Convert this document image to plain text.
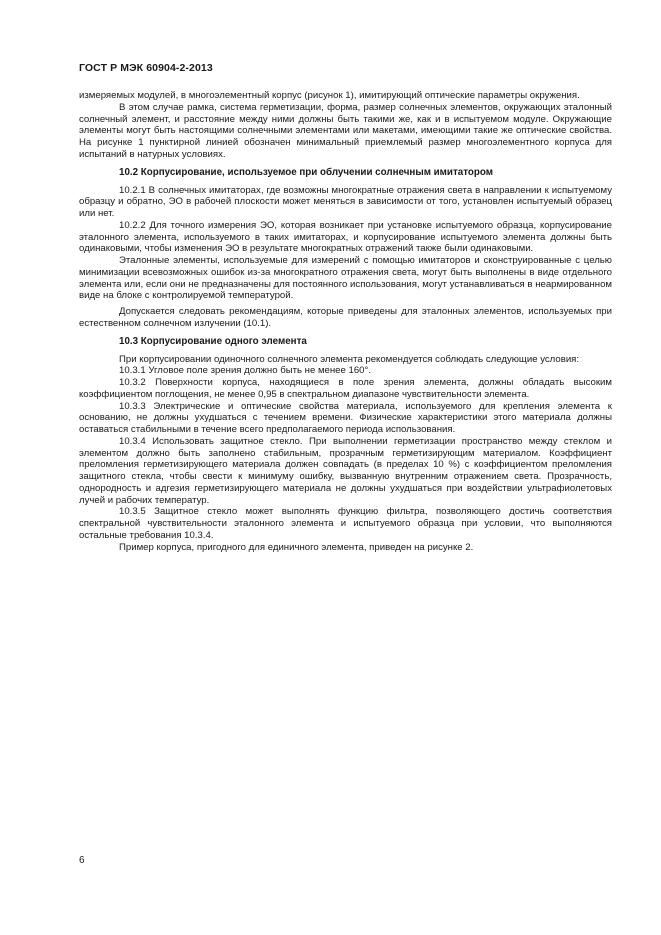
ГОСТ Р МЭК 60904-2-2013

измеряемых модулей, в многоэлементный корпус (рисунок 1), имитирующий оптические параметры окружения.

В этом случае рамка, система герметизации, форма, размер солнечных элементов, окружающих эталонный солнечный элемент, и расстояние между ними должны быть такими же, как и в испытуемом модуле. Окружающие элементы могут быть настоящими солнечными элементами или макетами, имеющими такие же оптические свойства. На рисунке 1 пунктирной линией обозначен минимальный приемлемый размер многоэлементного корпуса для испытаний в натурных условиях.

10.2 Корпусирование, используемое при облучении солнечным имитатором

10.2.1 В солнечных имитаторах, где возможны многократные отражения света в направлении к испытуемому образцу и обратно, ЭО в рабочей плоскости может меняться в зависимости от того, установлен испытуемый образец или нет.

10.2.2 Для точного измерения ЭО, которая возникает при установке испытуемого образца, корпусирование эталонного элемента, используемого в таких имитаторах, и корпусирование испытуемого элемента должны быть одинаковыми, чтобы изменения ЭО в результате многократных отражений также были одинаковыми.

Эталонные элементы, используемые для измерений с помощью имитаторов и сконструированные с целью минимизации всевозможных ошибок из-за многократного отражения света, могут быть выполнены в виде отдельного элемента или, если они не предназначены для постоянного использования, могут устанавливаться в неармированном виде на блоке с контролируемой температурой.

Допускается следовать рекомендациям, которые приведены для эталонных элементов, используемых при естественном солнечном излучении (10.1).

10.3 Корпусирование одного элемента

При корпусировании одиночного солнечного элемента рекомендуется соблюдать следующие условия:

10.3.1 Угловое поле зрения должно быть не менее 160°.

10.3.2 Поверхности корпуса, находящиеся в поле зрения элемента, должны обладать высоким коэффициентом поглощения, не менее 0,95 в спектральном диапазоне чувствительности элемента.

10.3.3 Электрические и оптические свойства материала, используемого для крепления элемента к основанию, не должны ухудшаться с течением времени. Физические характеристики этого материала должны оставаться стабильными в течение всего предполагаемого периода использования.

10.3.4 Использовать защитное стекло. При выполнении герметизации пространство между стеклом и элементом должно быть заполнено стабильным, прозрачным герметизирующим материалом. Коэффициент преломления герметизирующего материала должен совпадать (в пределах 10 %) с коэффициентом преломления защитного стекла, чтобы свести к минимуму ошибку, вызванную внутренним отражением света. Прозрачность, однородность и адгезия герметизирующего материала не должны ухудшаться при воздействии ультрафиолетовых лучей и рабочих температур.

10.3.5 Защитное стекло может выполнять функцию фильтра, позволяющего достичь соответствия спектральной чувствительности эталонного элемента и испытуемого образца при условии, что выполняются остальные требования 10.3.4.

Пример корпуса, пригодного для единичного элемента, приведен на рисунке 2.

6
